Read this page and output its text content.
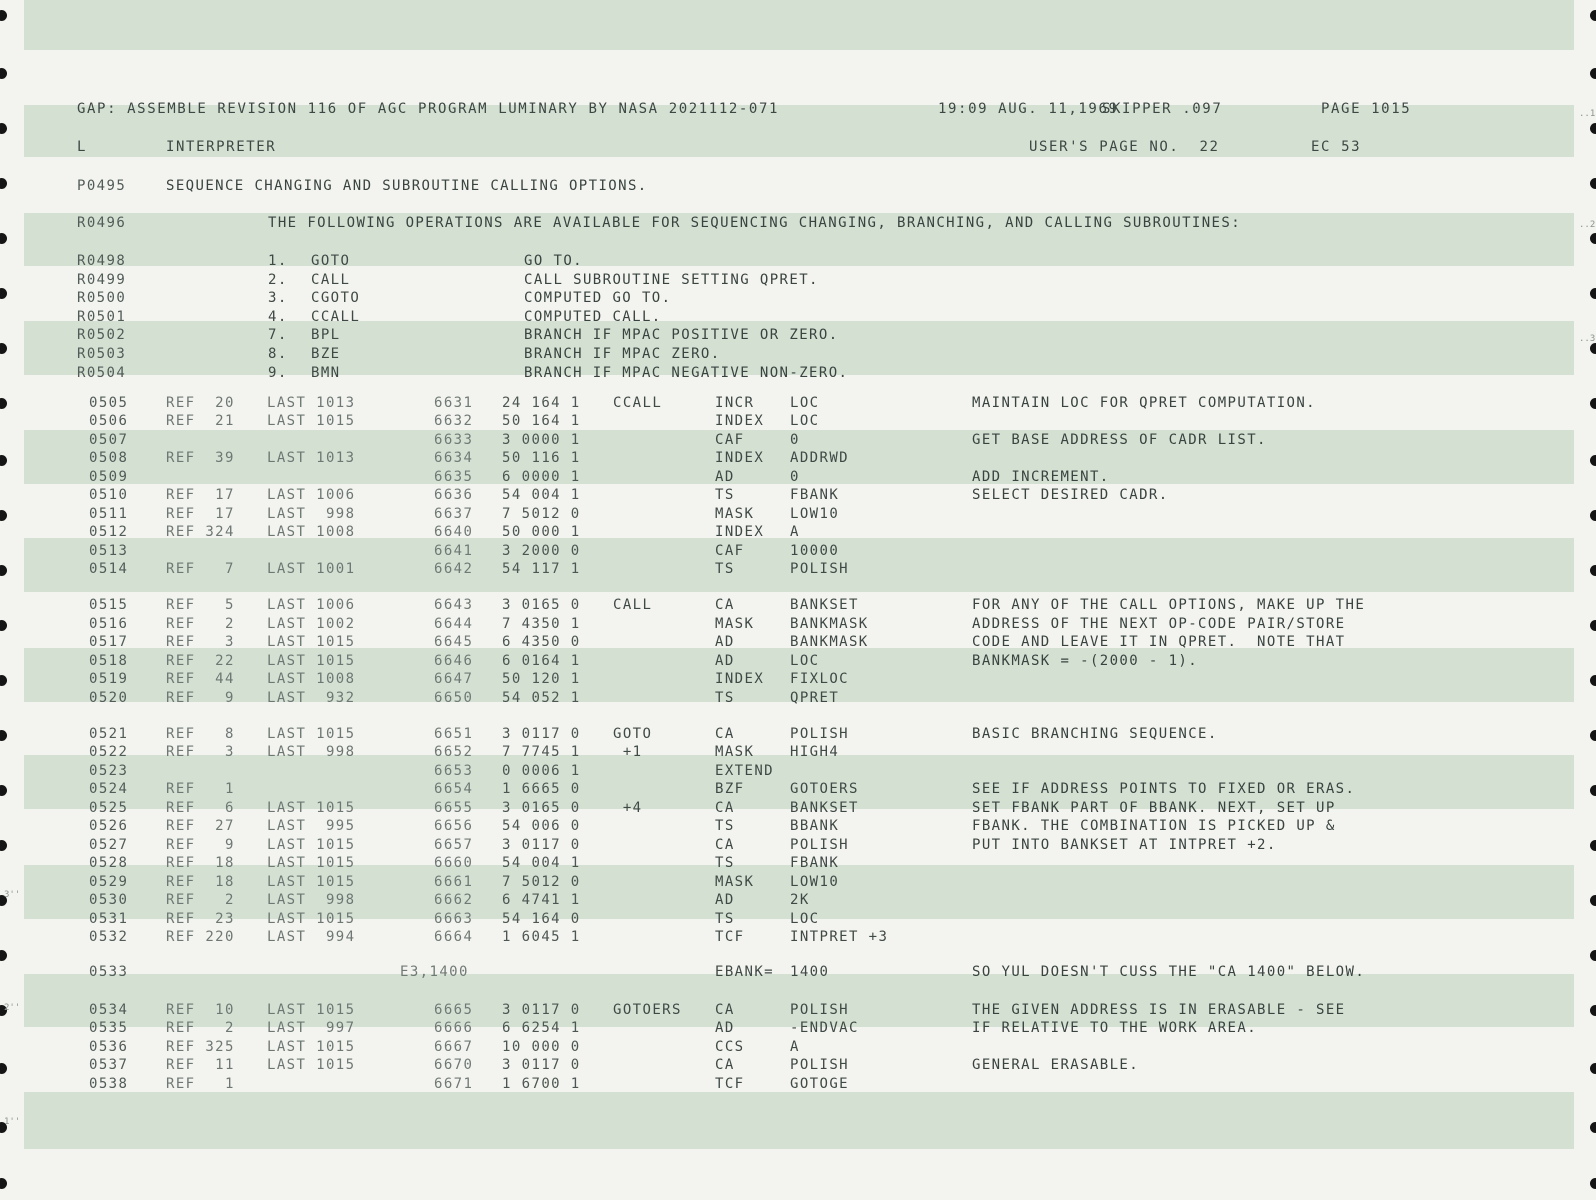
..1
..2
..3
3''
2''
1''

GAP: ASSEMBLE REVISION 116 OF AGC PROGRAM LUMINARY BY NASA 2021112-071

	19:09 AUG. 11,1969

SKIPPER .097

	PAGE 1015

L

	INTERPRETER

	USER'S PAGE NO.  22

	EC 53

P0495

	SEQUENCE CHANGING AND SUBROUTINE CALLING OPTIONS.

R0496

	THE FOLLOWING OPERATIONS ARE AVAILABLE FOR SEQUENCING CHANGING, BRANCHING, AND CALLING SUBROUTINES:

R0498	1. GOTO	GO TO.
R0499	2. CALL	CALL SUBROUTINE SETTING QPRET.
R0500	3. CGOTO	COMPUTED GO TO.
R0501	4. CCALL	COMPUTED CALL.
R0502	7. BPL	BRANCH IF MPAC POSITIVE OR ZERO.
R0503	8. BZE	BRANCH IF MPAC ZERO.
R0504	9. BMN	BRANCH IF MPAC NEGATIVE NON-ZERO.
0505	REF  20 LAST 1013	6631 24 164 1 CCALL	INCR	LOC	MAINTAIN LOC FOR QPRET COMPUTATION.
0506	REF  21 LAST 1015	6632 50 164 1	INDEX LOC
0507	6633 3 0000 1	CAF	0	GET BASE ADDRESS OF CADR LIST.
0508	REF  39 LAST 1013	6634 50 116 1	INDEX ADDRWD
0509	6635 6 0000 1	AD	0	ADD INCREMENT.
0510	REF  17 LAST 1006	6636 54 004 1	TS	FBANK	SELECT DESIRED CADR.
0511	REF  17 LAST  998	6637 7 5012 0	MASK	LOW10
0512	REF 324 LAST 1008	6640 50 000 1	INDEX A
0513	6641 3 2000 0	CAF	10000
0514	REF   7 LAST 1001	6642 54 117 1	TS	POLISH
0515	REF   5 LAST 1006	6643 3 0165 0 CALL	CA	BANKSET	FOR ANY OF THE CALL OPTIONS, MAKE UP THE
0516	REF   2 LAST 1002	6644 7 4350 1	MASK	BANKMASK	ADDRESS OF THE NEXT OP-CODE PAIR/STORE
0517	REF   3 LAST 1015	6645 6 4350 0	AD	BANKMASK	CODE AND LEAVE IT IN QPRET.  NOTE THAT
0518	REF  22 LAST 1015	6646 6 0164 1	AD	LOC	BANKMASK = -(2000 - 1).
0519	REF  44 LAST 1008	6647 50 120 1	INDEX FIXLOC
0520	REF   9 LAST  932	6650 54 052 1	TS	QPRET
0521	REF   8 LAST 1015	6651 3 0117 0 GOTO	CA	POLISH	BASIC BRANCHING SEQUENCE.
0522	REF   3 LAST  998	6652 7 7745 1 +1	MASK	HIGH4
0523	6653 0 0006 1	EXTEND
0524	REF   1	6654 1 6665 0	BZF	GOTOERS	SEE IF ADDRESS POINTS TO FIXED OR ERAS.
0525	REF   6 LAST 1015	6655 3 0165 0 +4	CA	BANKSET	SET FBANK PART OF BBANK. NEXT, SET UP
0526	REF  27 LAST  995	6656 54 006 0	TS	BBANK	FBANK. THE COMBINATION IS PICKED UP &
0527	REF   9 LAST 1015	6657 3 0117 0	CA	POLISH	PUT INTO BANKSET AT INTPRET +2.
0528	REF  18 LAST 1015	6660 54 004 1	TS	FBANK
0529	REF  18 LAST 1015	6661 7 5012 0	MASK	LOW10
0530	REF   2 LAST  998	6662 6 4741 1	AD	2K
0531	REF  23 LAST 1015	6663 54 164 0	TS	LOC
0532	REF 220 LAST  994	6664 1 6045 1	TCF	INTPRET +3
0533	E3,1400	EBANK= 1400	SO YUL DOESN'T CUSS THE "CA 1400" BELOW.
0534	REF  10 LAST 1015	6665 3 0117 0 GOTOERS CA	POLISH	THE GIVEN ADDRESS IS IN ERASABLE - SEE
0535	REF   2 LAST  997	6666 6 6254 1	AD	-ENDVAC	IF RELATIVE TO THE WORK AREA.
0536	REF 325 LAST 1015	6667 10 000 0	CCS	A
0537	REF  11 LAST 1015	6670 3 0117 0	CA	POLISH	GENERAL ERASABLE.
0538	REF   1	6671 1 6700 1	TCF	GOTOGE
